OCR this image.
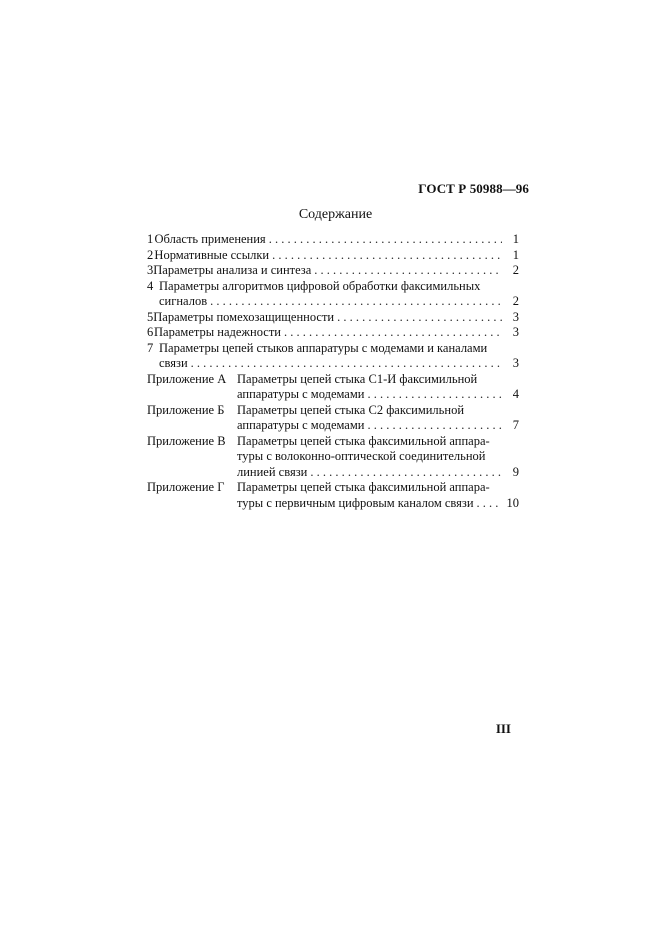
ГОСТ Р 50988—96
Содержание
1 Область применения . . .	1
2 Нормативные ссылки . . .	1
3 Параметры анализа и синтеза . . .	2
4 Параметры алгоритмов цифровой обработки факсимильных
сигналов . . .	2
5 Параметры помехозащищенности . . .	3
6 Параметры надежности . . .	3
7 Параметры цепей стыков аппаратуры с модемами и каналами
связи . . .	3
Приложение А Параметры цепей стыка С1-И факсимильной
аппаратуры с модемами . . .	4
Приложение Б	Параметры цепей стыка С2 факсимильной
аппаратуры с модемами . . .	7
Приложение В Параметры цепей стыка факсимильной аппара-
туры с волоконно-оптической соединительной
линией связи . . .	9
Приложение Г	Параметры цепей стыка факсимильной аппара-
туры с первичным цифровым каналом связи . . .	10
III
